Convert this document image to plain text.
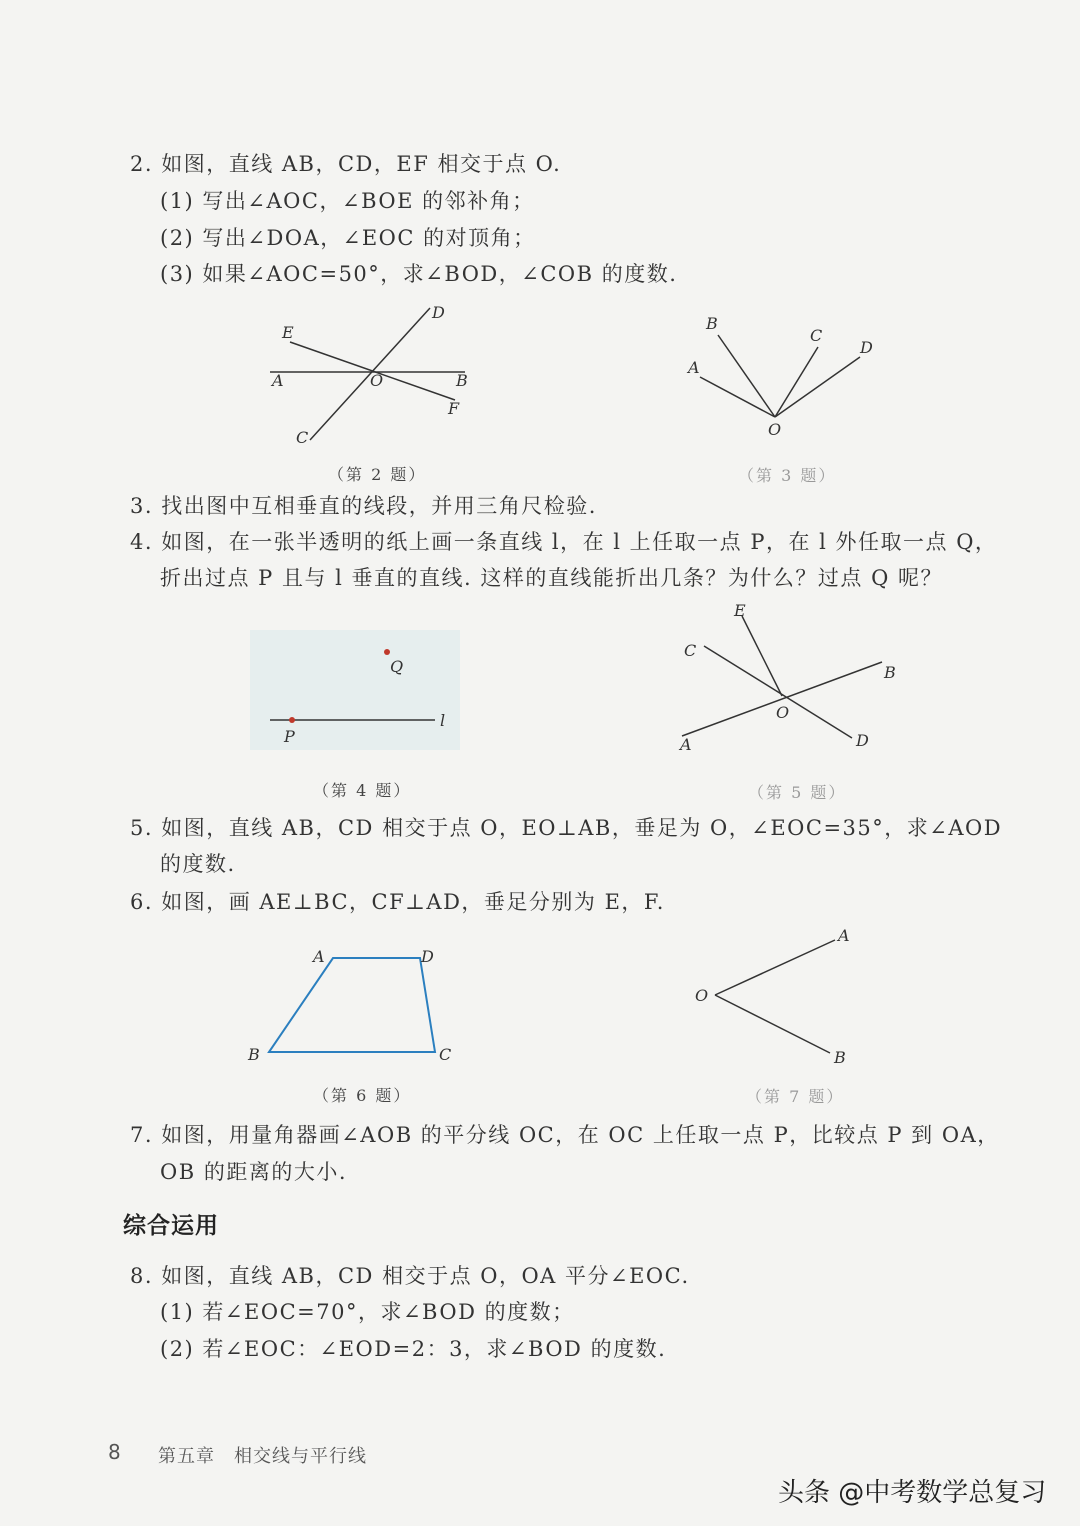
2. 如图，直线 AB，CD，EF 相交于点 O.
(1) 写出∠AOC，∠BOE 的邻补角；
(2) 写出∠DOA，∠EOC 的对顶角；
(3) 如果∠AOC=50°，求∠BOD，∠COB 的度数.
A	B
C
D
E
F
O
（第 2 题）
A
B
C
D
O
（第 3 题）
3. 找出图中互相垂直的线段，并用三角尺检验.
4. 如图，在一张半透明的纸上画一条直线 l，在 l 上任取一点 P，在 l 外任取一点 Q，
折出过点 P 且与 l 垂直的直线. 这样的直线能折出几条？为什么？过点 Q 呢？
P
Q
l
（第 4 题）
A
B
C
D
E
O
（第 5 题）
5. 如图，直线 AB，CD 相交于点 O，EO⊥AB，垂足为 O，∠EOC=35°，求∠AOD
的度数.
6. 如图，画 AE⊥BC，CF⊥AD，垂足分别为 E，F.
A	D
B	C
（第 6 题）
A
B
O
（第 7 题）
7. 如图，用量角器画∠AOB 的平分线 OC，在 OC 上任取一点 P，比较点 P 到 OA，
OB 的距离的大小.
综合运用
8. 如图，直线 AB，CD 相交于点 O，OA 平分∠EOC.
(1) 若∠EOC=70°，求∠BOD 的度数；
(2) 若∠EOC：∠EOD=2：3，求∠BOD 的度数.
8 第五章　相交线与平行线
头条 @中考数学总复习
